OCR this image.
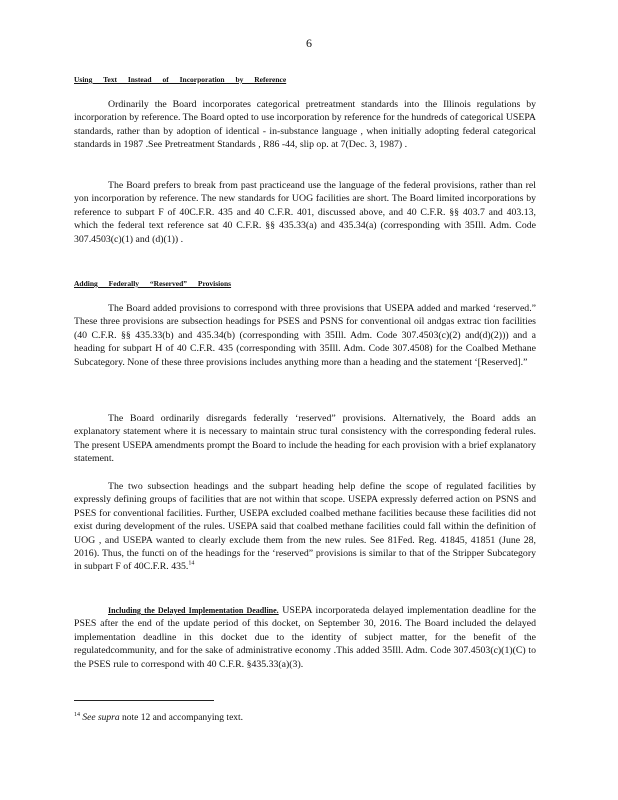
6

Using Text Instead of Incorporation by Reference

Ordinarily the Board incorporates categorical pretreatment standards into the Illinois regulations by incorporation by reference. The Board opted to use incorporation by reference for the hundreds of categorical USEPA standards, rather than by adoption of identical - in-substance language , when initially adopting federal categorical standards in 1987 .See Pretreatment Standards , R86 -44, slip op. at 7(Dec. 3, 1987) .

The Board prefers to break from past practiceand use the language of the federal provisions, rather than rel yon incorporation by reference. The new standards for UOG facilities are short. The Board limited incorporations by reference to subpart F of 40C.F.R. 435 and 40 C.F.R. 401, discussed above, and 40 C.F.R. §§ 403.7 and 403.13, which the federal text reference sat 40 C.F.R. §§ 435.33(a) and 435.34(a) (corresponding with 35Ill. Adm. Code 307.4503(c)(1) and (d)(1)) .

Adding Federally “Reserved” Provisions

The Board added provisions to correspond with three provisions that USEPA added and marked ‘reserved.” These three provisions are subsection headings for PSES and PSNS for conventional oil andgas extrac tion facilities (40 C.F.R. §§ 435.33(b) and 435.34(b) (corresponding with 35Ill. Adm. Code 307.4503(c)(2) and(d)(2))) and a heading for subpart H of 40 C.F.R. 435 (corresponding with 35Ill. Adm. Code 307.4508) for the Coalbed Methane Subcategory. None of these three provisions includes anything more than a heading and the statement ‘[Reserved].”

The Board ordinarily disregards federally ‘reserved” provisions. Alternatively, the Board adds an explanatory statement where it is necessary to maintain struc tural consistency with the corresponding federal rules. The present USEPA amendments prompt the Board to include the heading for each provision with a brief explanatory statement.

The two subsection headings and the subpart heading help define the scope of regulated facilities by expressly defining groups of facilities that are not within that scope. USEPA expressly deferred action on PSNS and PSES for conventional facilities. Further, USEPA excluded coalbed methane facilities because these facilities did not exist during development of the rules. USEPA said that coalbed methane facilities could fall within the definition of UOG , and USEPA wanted to clearly exclude them from the new rules. See 81Fed. Reg. 41845, 41851 (June 28, 2016). Thus, the functi on of the headings for the ‘reserved” provisions is similar to that of the Stripper Subcategory in subpart F of 40C.F.R. 435.14

Including the Delayed Implementation Deadline. USEPA incorporateda delayed implementation deadline for the PSES after the end of the update period of this docket, on September 30, 2016. The Board included the delayed implementation deadline in this docket due to the identity of subject matter, for the benefit of the regulatedcommunity, and for the sake of administrative economy .This added 35Ill. Adm. Code 307.4503(c)(1)(C) to the PSES rule to correspond with 40 C.F.R. §435.33(a)(3).

$^{14}$ See supra note 12 and accompanying text.
